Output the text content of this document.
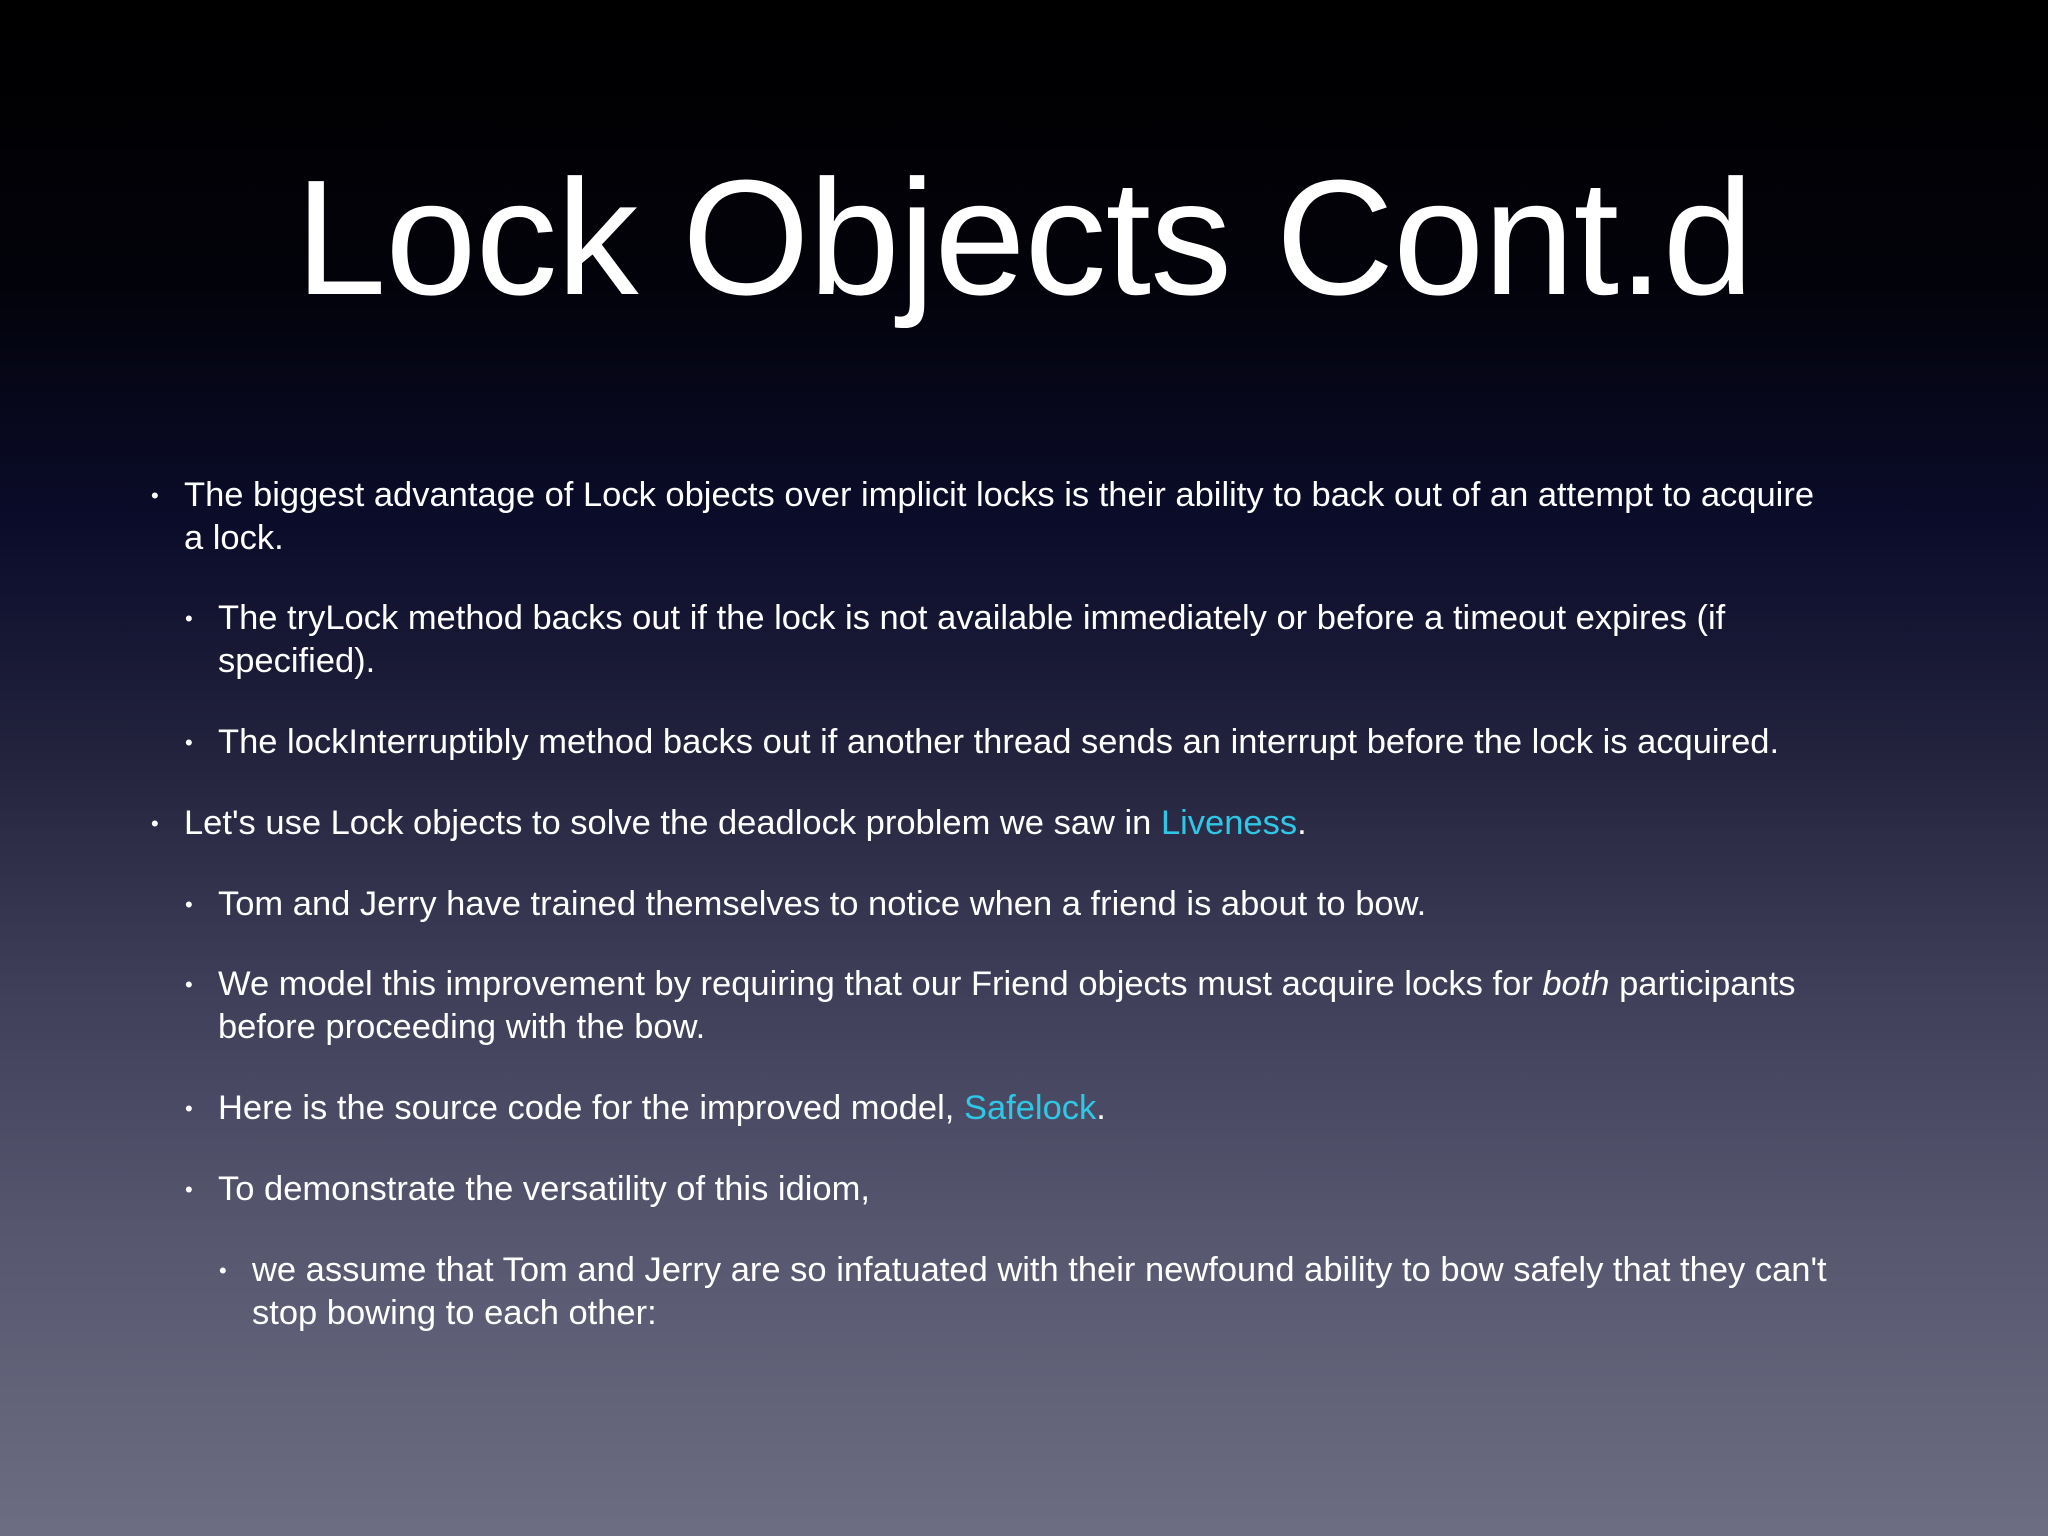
Lock Objects Cont.d
• The biggest advantage of Lock objects over implicit locks is their ability to back out of an attempt to acquire
a lock.
• The tryLock method backs out if the lock is not available immediately or before a timeout expires (if
specified).
• The lockInterruptibly method backs out if another thread sends an interrupt before the lock is acquired.
• Let's use Lock objects to solve the deadlock problem we saw in Liveness.
• Tom and Jerry have trained themselves to notice when a friend is about to bow.
• We model this improvement by requiring that our Friend objects must acquire locks for both participants
before proceeding with the bow.
• Here is the source code for the improved model, Safelock.
• To demonstrate the versatility of this idiom,
• we assume that Tom and Jerry are so infatuated with their newfound ability to bow safely that they can't
stop bowing to each other:
